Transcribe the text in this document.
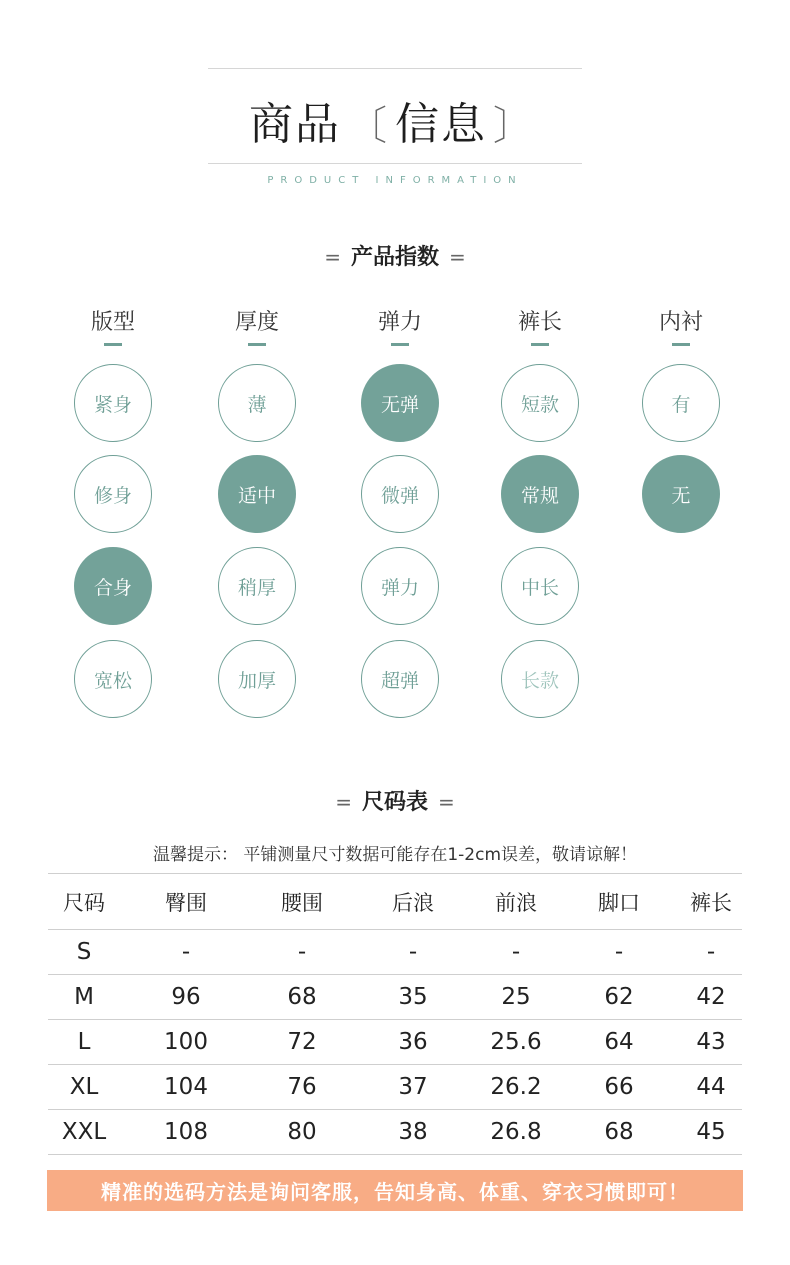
商品 〔 信息 〕
PRODUCT INFORMATION
= 产品指数 =
版型
紧身
修身
合身
宽松
厚度
薄
适中
稍厚
加厚
弹力
无弹
微弹
弹力
超弹
裤长
短款
常规
中长
长款
内衬
有
无
= 尺码表 =
温馨提示： 平铺测量尺寸数据可能存在1-2cm误差，敬请谅解！
尺码	臀围	腰围	后浪	前浪	脚口	裤长
S	-	-	-	-	-	-
M	96	68	35	25	62	42
L	100	72	36	25.6	64	43
XL	104	76	37	26.2	66	44
XXL	108	80	38	26.8	68	45
精准的选码方法是询问客服，告知身高、体重、穿衣习惯即可！
